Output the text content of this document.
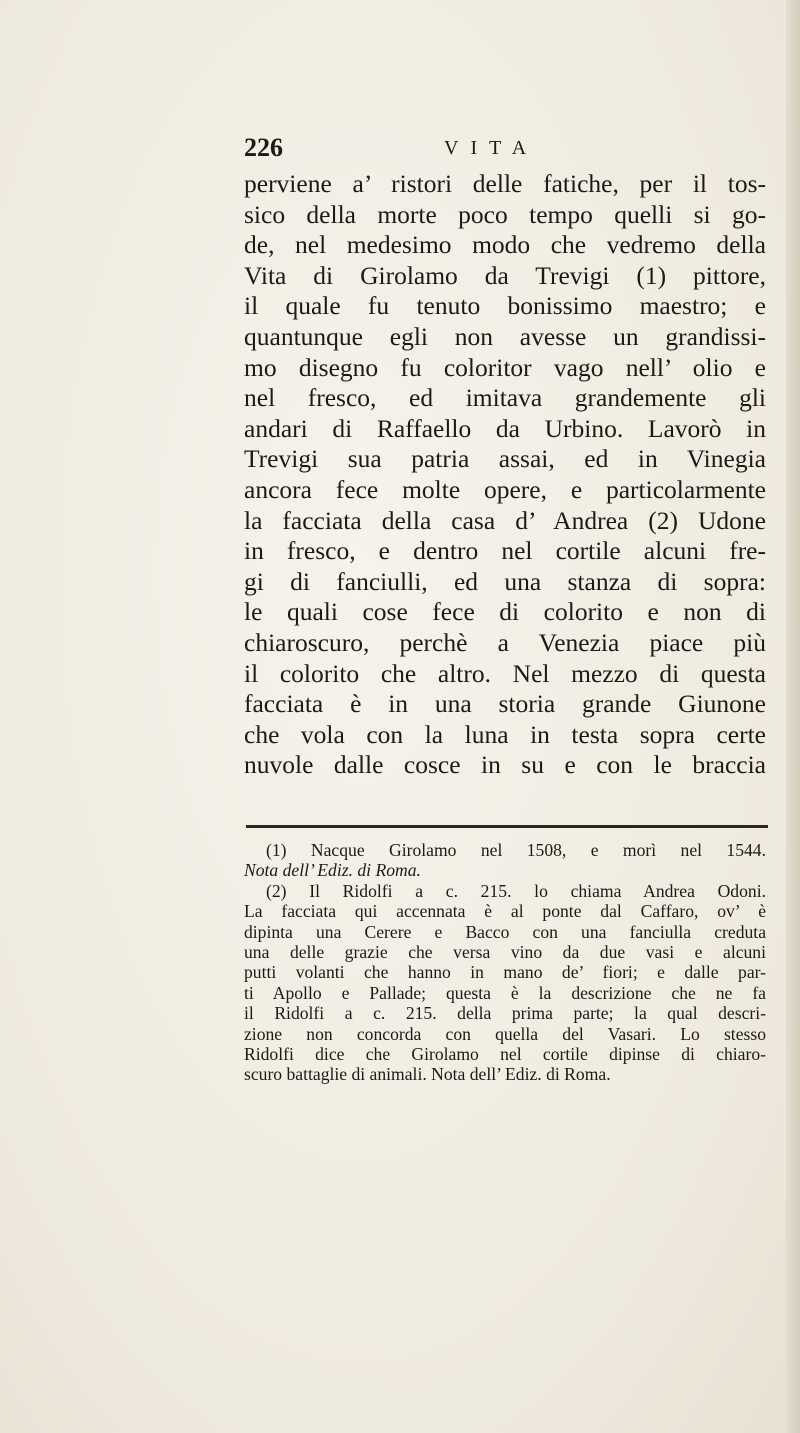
226	VITA
perviene a’ ristori delle fatiche, per il tos-
sico della morte poco tempo quelli si go-
de, nel medesimo modo che vedremo della
Vita di Girolamo da Trevigi (1) pittore,
il quale fu tenuto bonissimo maestro; e
quantunque egli non avesse un grandissi-
mo disegno fu coloritor vago nell’ olio e
nel fresco, ed imitava grandemente gli
andari di Raffaello da Urbino. Lavorò in
Trevigi sua patria assai, ed in Vinegia
ancora fece molte opere, e particolarmente
la facciata della casa d’ Andrea (2) Udone
in fresco, e dentro nel cortile alcuni fre-
gi di fanciulli, ed una stanza di sopra:
le quali cose fece di colorito e non di
chiaroscuro, perchè a Venezia piace più
il colorito che altro. Nel mezzo di questa
facciata è in una storia grande Giunone
che vola con la luna in testa sopra certe
nuvole dalle cosce in su e con le braccia
(1) Nacque Girolamo nel 1508, e morì nel 1544.
Nota dell’ Ediz. di Roma.
(2) Il Ridolfi a c. 215. lo chiama Andrea Odoni.
La facciata qui accennata è al ponte dal Caffaro, ov’ è
dipinta una Cerere e Bacco con una fanciulla creduta
una delle grazie che versa vino da due vasi e alcuni
putti volanti che hanno in mano de’ fiori; e dalle par-
ti Apollo e Pallade; questa è la descrizione che ne fa
il Ridolfi a c. 215. della prima parte; la qual descri-
zione non concorda con quella del Vasari. Lo stesso
Ridolfi dice che Girolamo nel cortile dipinse di chiaro-
scuro battaglie di animali. Nota dell’ Ediz. di Roma.
